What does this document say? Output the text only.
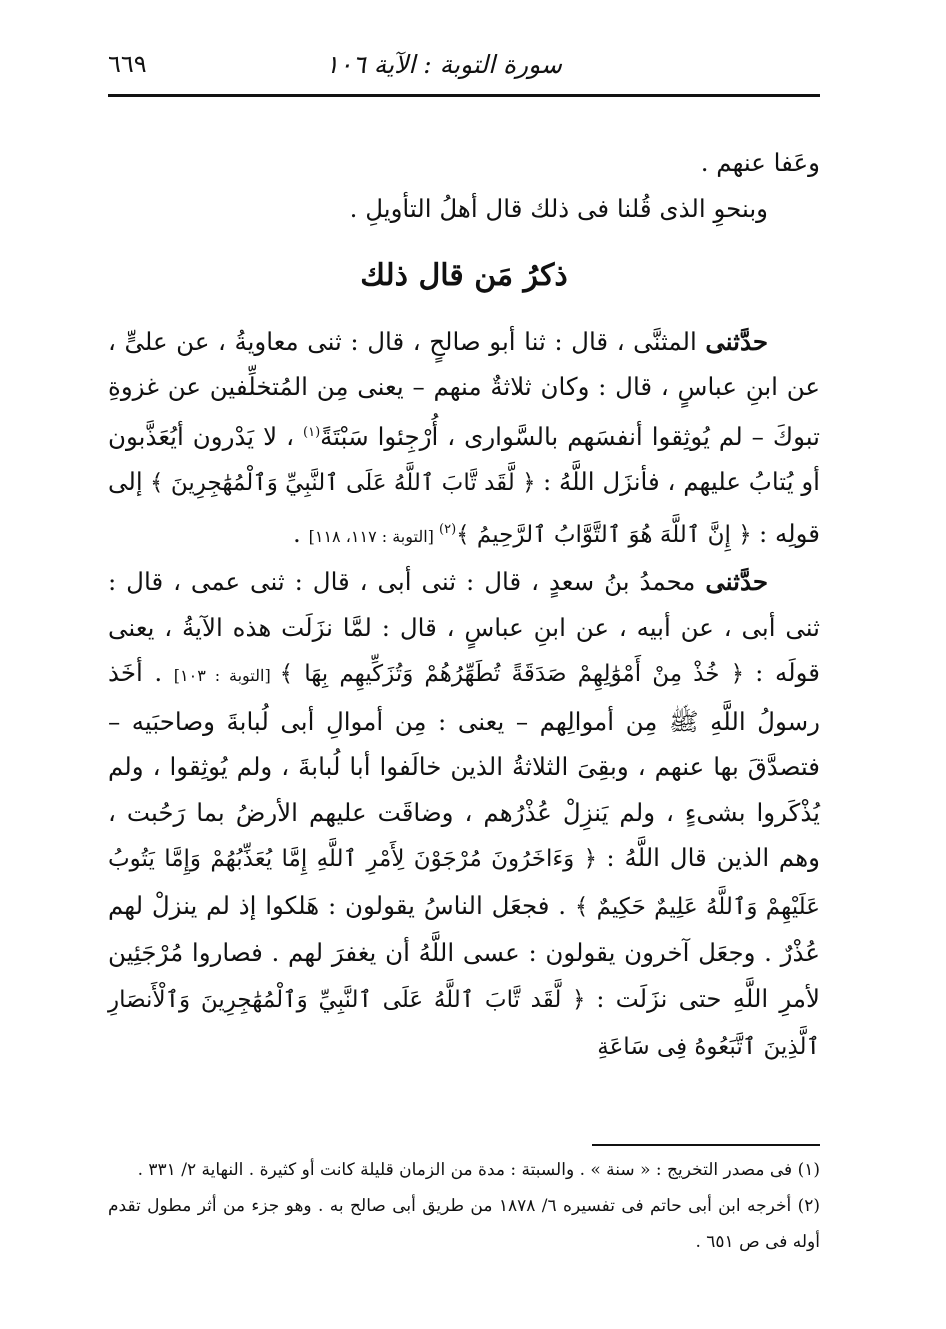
سورة التوبة : الآية ١٠٦
٦٦٩

وعَفا عنهم .

وبنحوِ الذى قُلنا فى ذلك قال أهلُ التأويلِ .

ذكرُ مَن قال ذلك

حدَّثنى المثنَّى ، قال : ثنا أبو صالحٍ ، قال : ثنى معاويةُ ، عن علىٍّ ، عن ابنِ عباسٍ ، قال : وكان ثلاثةٌ منهم – يعنى مِن المُتخلِّفين عن غزوةِ تبوكَ – لم يُوثِقوا أنفسَهم بالسَّوارى ، أُرْجِئوا سَبْتَةً$^{(١)}$ ، لا يَدْرون أيُعَذَّبون أو يُتابُ عليهم ، فأنزَل اللَّهُ : ﴿ لَّقَد تَّابَ ٱللَّهُ عَلَى ٱلنَّبِيِّ وَٱلْمُهَٰجِرِينَ ﴾ إلى قولِه : ﴿ إِنَّ ٱللَّهَ هُوَ ٱلتَّوَّابُ ٱلرَّحِيمُ ﴾$^{(٢)}$ [التوبة : ١١٧، ١١٨] .

حدَّثنى محمدُ بنُ سعدٍ ، قال : ثنى أبى ، قال : ثنى عمى ، قال : ثنى أبى ، عن أبيه ، عن ابنِ عباسٍ ، قال : لمَّا نزَلَت هذه الآيةُ ، يعنى قولَه : ﴿ خُذْ مِنْ أَمْوَٰلِهِمْ صَدَقَةً تُطَهِّرُهُمْ وَتُزَكِّيهِم بِهَا ﴾ [التوبة : ١٠٣] . أخَذ رسولُ اللَّهِ ﷺ مِن أموالِهم – يعنى : مِن أموالِ أبى لُبابةَ وصاحبَيه – فتصدَّقَ بها عنهم ، وبقِىَ الثلاثةُ الذين خالَفوا أبا لُبابةَ ، ولم يُوثِقوا ، ولم يُذْكَروا بشىءٍ ، ولم يَنزِلْ عُذْرُهم ، وضاقَت عليهم الأرضُ بما رَحُبت ، وهم الذين قال اللَّهُ : ﴿ وَءَاخَرُونَ مُرْجَوْنَ لِأَمْرِ ٱللَّهِ إِمَّا يُعَذِّبُهُمْ وَإِمَّا يَتُوبُ عَلَيْهِمْ وَٱللَّهُ عَلِيمٌ حَكِيمٌ ﴾ . فجعَل الناسُ يقولون : هَلكوا إذ لم ينزلْ لهم عُذْرٌ . وجعَل آخرون يقولون : عسى اللَّهُ أن يغفرَ لهم . فصاروا مُرْجَئِين لأمرِ اللَّهِ حتى نزَلَت : ﴿ لَّقَد تَّابَ ٱللَّهُ عَلَى ٱلنَّبِيِّ وَٱلْمُهَٰجِرِينَ وَٱلْأَنصَارِ ٱلَّذِينَ ٱتَّبَعُوهُ فِى سَاعَةِ

(١) فى مصدر التخريج : « سنة » . والسبتة : مدة من الزمان قليلة كانت أو كثيرة . النهاية ٢/ ٣٣١ .

(٢) أخرجه ابن أبى حاتم فى تفسيره ٦/ ١٨٧٨ من طريق أبى صالح به . وهو جزء من أثر مطول تقدم أوله فى ص ٦٥١ .
